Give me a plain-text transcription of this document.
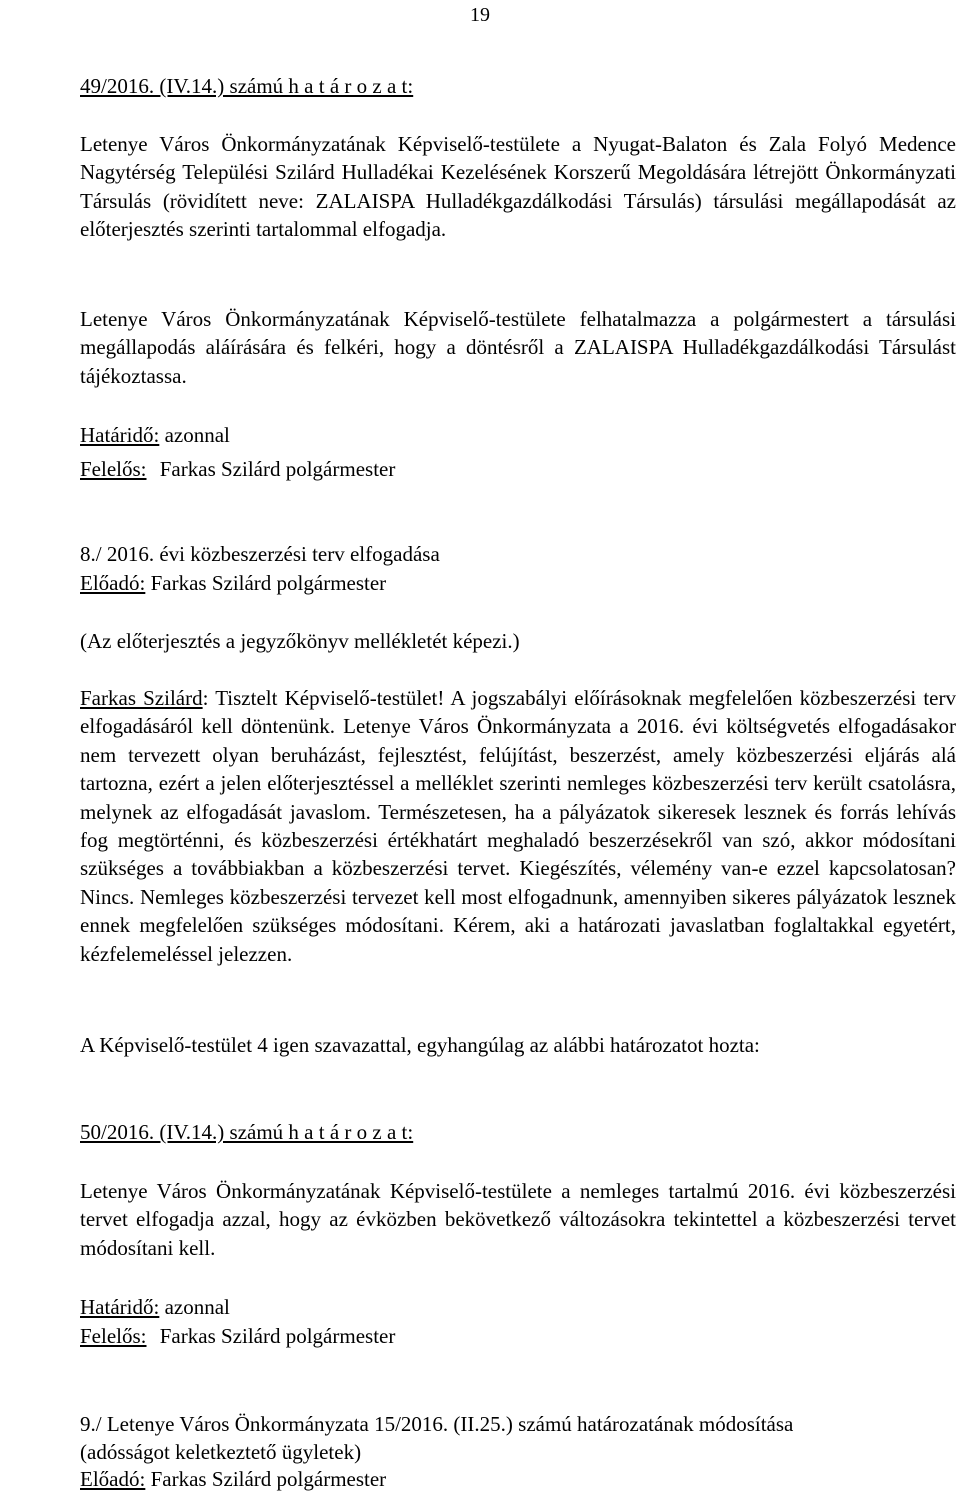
19
49/2016. (IV.14.) számú h a t á r o z a t:
Letenye Város Önkormányzatának Képviselő-testülete a Nyugat-Balaton és Zala Folyó Medence Nagytérség Települési Szilárd Hulladékai Kezelésének Korszerű Megoldására létrejött Önkormányzati Társulás (rövidített neve: ZALAISPA Hulladékgazdálkodási Társulás) társulási megállapodását az előterjesztés szerinti tartalommal elfogadja.
Letenye Város Önkormányzatának Képviselő-testülete felhatalmazza a polgármestert a társulási megállapodás aláírására és felkéri, hogy a döntésről a ZALAISPA Hulladékgazdálkodási Társulást tájékoztassa.
Határidő: azonnal
Felelős: Farkas Szilárd polgármester
8./ 2016. évi közbeszerzési terv elfogadása
Előadó: Farkas Szilárd polgármester
(Az előterjesztés a jegyzőkönyv mellékletét képezi.)
Farkas Szilárd: Tisztelt Képviselő-testület! A jogszabályi előírásoknak megfelelően közbeszerzési terv elfogadásáról kell döntenünk. Letenye Város Önkormányzata a 2016. évi költségvetés elfogadásakor nem tervezett olyan beruházást, fejlesztést, felújítást, beszerzést, amely közbeszerzési eljárás alá tartozna, ezért a jelen előterjesztéssel a melléklet szerinti nemleges közbeszerzési terv került csatolásra, melynek az elfogadását javaslom. Természetesen, ha a pályázatok sikeresek lesznek és forrás lehívás fog megtörténni, és közbeszerzési értékhatárt meghaladó beszerzésekről van szó, akkor módosítani szükséges a továbbiakban a közbeszerzési tervet. Kiegészítés, vélemény van-e ezzel kapcsolatosan? Nincs. Nemleges közbeszerzési tervezet kell most elfogadnunk, amennyiben sikeres pályázatok lesznek ennek megfelelően szükséges módosítani. Kérem, aki a határozati javaslatban foglaltakkal egyetért, kézfelemeléssel jelezzen.
A Képviselő-testület 4 igen szavazattal, egyhangúlag az alábbi határozatot hozta:
50/2016. (IV.14.) számú h a t á r o z a t:
Letenye Város Önkormányzatának Képviselő-testülete a nemleges tartalmú 2016. évi közbeszerzési tervet elfogadja azzal, hogy az évközben bekövetkező változásokra tekintettel a közbeszerzési tervet módosítani kell.
Határidő: azonnal
Felelős: Farkas Szilárd polgármester
9./ Letenye Város Önkormányzata 15/2016. (II.25.) számú határozatának módosítása
(adósságot keletkeztető ügyletek)
Előadó: Farkas Szilárd polgármester
